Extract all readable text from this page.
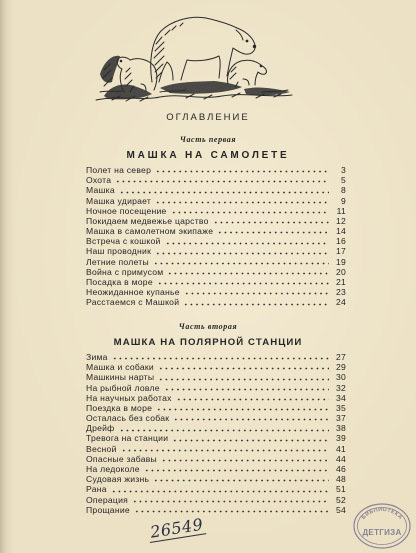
ОГЛАВЛЕНИЕ
Часть первая
МАШКА НА САМОЛЕТЕ
Полет на север	3
Охота	5
Машка	8
Машка удирает	9
Ночное посещение	11
Покидаем медвежье царство	12
Машка в самолетном экипаже	14
Встреча с кошкой	16
Наш проводник	17
Летние полеты	19
Война с примусом	20
Посадка в море	21
Неожиданное купанье	23
Расстаемся с Машкой	24
Часть вторая
МАШКА НА ПОЛЯРНОЙ СТАНЦИИ
Зима	27
Машка и собаки	29
Машкины нарты	30
На рыбной ловле	32
На научных работах	34
Поездка в море	35
Осталась без собак	37
Дрейф	38
Тревога на станции	39
Весной	41
Опасные забавы	44
На ледоколе	46
Судовая жизнь	48
Рана	51
Операция	52
Прощание	54
26549	БИБЛИОТЕКА
ДЕТГИЗА
